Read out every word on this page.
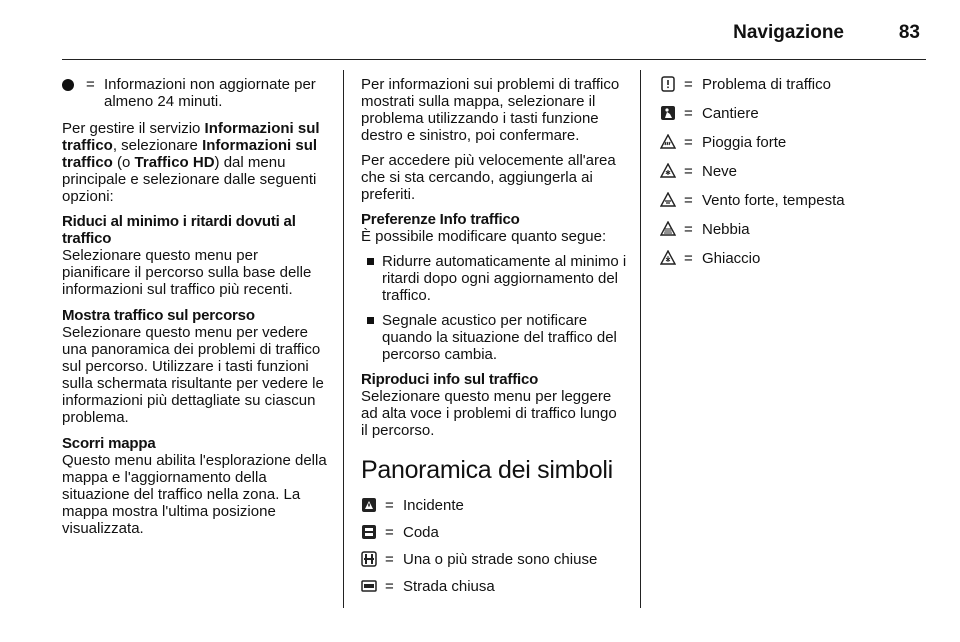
Navigazione	83
= Informazioni non aggiornate per almeno 24 minuti.

Per gestire il servizio Informazioni sul traffico, selezionare Informazioni sul traffico (o Traffico HD) dal menu principale e selezionare dalle seguenti opzioni:

Riduci al minimo i ritardi dovuti al traffico
Selezionare questo menu per pianificare il percorso sulla base delle informazioni sul traffico più recenti.
Mostra traffico sul percorso
Selezionare questo menu per vedere una panoramica dei problemi di traffico sul percorso. Utilizzare i tasti funzioni sulla schermata risultante per vedere le informazioni più dettagliate su ciascun problema.
Scorri mappa
Questo menu abilita l'esplorazione della mappa e l'aggiornamento della situazione del traffico nella zona. La mappa mostra l'ultima posizione visualizzata.

Per informazioni sui problemi di traffico mostrati sulla mappa, selezionare il problema utilizzando i tasti funzione destro e sinistro, poi confermare.

Per accedere più velocemente all'area che si sta cercando, aggiungerla ai preferiti.

Preferenze Info traffico
È possibile modificare quanto segue:
Ridurre automaticamente al minimo i ritardi dopo ogni aggiornamento del traffico.
Segnale acustico per notificare quando la situazione del traffico del percorso cambia.
Riproduci info sul traffico
Selezionare questo menu per leggere ad alta voce i problemi di traffico lungo il percorso.
Panoramica dei simboli
= Incidente
= Coda
= Una o più strade sono chiuse
= Strada chiusa
= Problema di traffico
= Cantiere
= Pioggia forte
= Neve
= Vento forte, tempesta
= Nebbia
= Ghiaccio
